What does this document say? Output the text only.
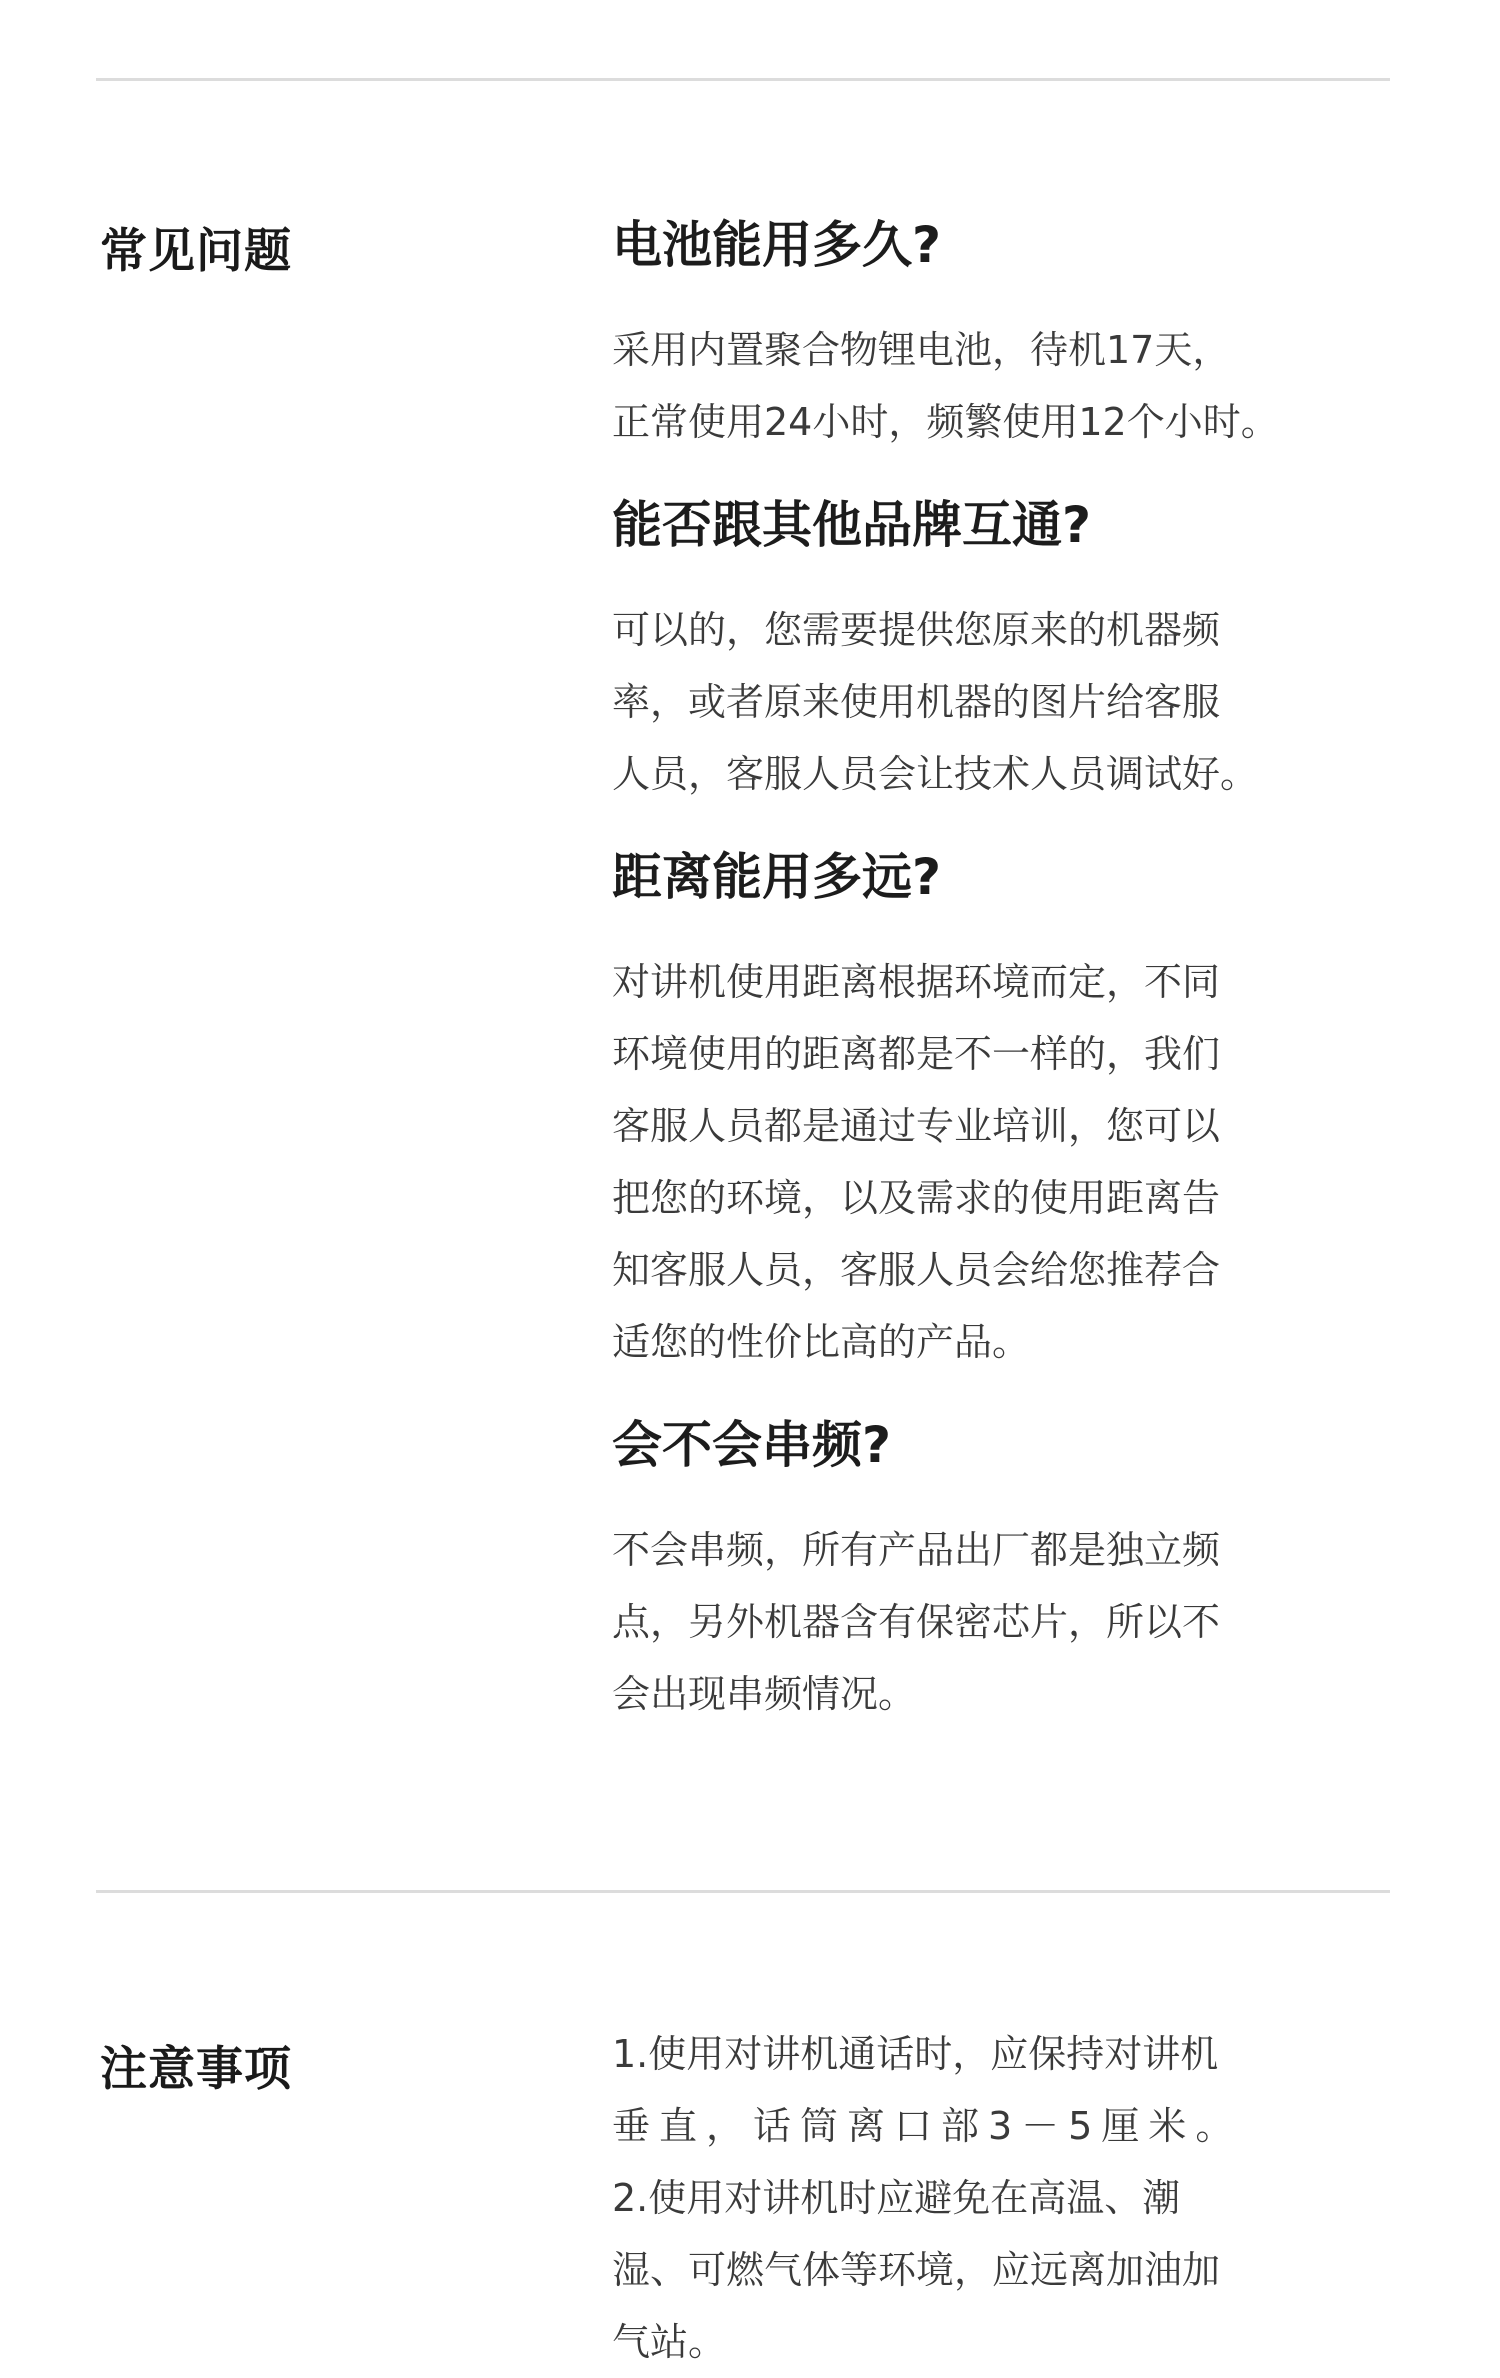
常见问题	电池能用多久?

采用内置聚合物锂电池，待机17天，
正常使用24小时，频繁使用12个小时。

能否跟其他品牌互通?

可以的，您需要提供您原来的机器频
率，或者原来使用机器的图片给客服
人员，客服人员会让技术人员调试好。

距离能用多远?

对讲机使用距离根据环境而定，不同
环境使用的距离都是不一样的，我们
客服人员都是通过专业培训，您可以
把您的环境，以及需求的使用距离告
知客服人员，客服人员会给您推荐合
适您的性价比高的产品。

会不会串频?

不会串频，所有产品出厂都是独立频
点，另外机器含有保密芯片，所以不
会出现串频情况。

注意事项	1.使用对讲机通话时，应保持对讲机
垂直，话筒离口部3－5厘米。
2.使用对讲机时应避免在高温、潮
湿、可燃气体等环境，应远离加油加
气站。
